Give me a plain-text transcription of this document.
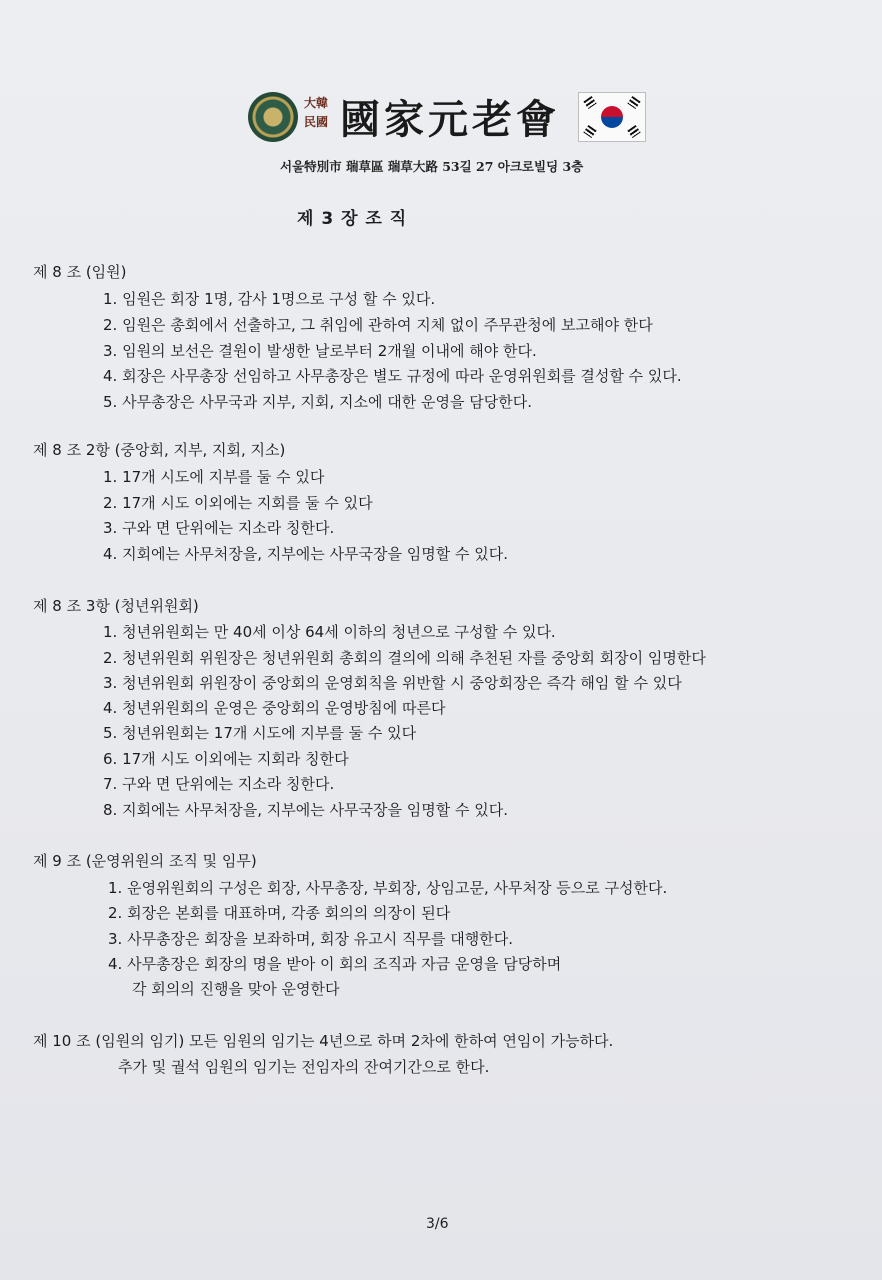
大韓民國 國家元老會
서울特別市 瑞草區 瑞草大路 53길 27 아크로빌딩 3층
제 3 장 조 직
제 8 조 (임원)
1. 임원은 회장 1명, 감사 1명으로 구성 할 수 있다.
2. 임원은 총회에서 선출하고, 그 취임에 관하여 지체 없이 주무관청에 보고해야 한다
3. 임원의 보선은 결원이 발생한 날로부터 2개월 이내에 해야 한다.
4. 회장은 사무총장 선임하고 사무총장은 별도 규정에 따라 운영위원회를 결성할 수 있다.
5. 사무총장은 사무국과 지부, 지회, 지소에 대한 운영을 담당한다.
제 8 조 2항 (중앙회, 지부, 지회, 지소)
1. 17개 시도에 지부를 둘 수 있다
2. 17개 시도 이외에는 지회를 둘 수 있다
3. 구와 면 단위에는 지소라 칭한다.
4. 지회에는 사무처장을, 지부에는 사무국장을 임명할 수 있다.
제 8 조 3항 (청년위원회)
1. 청년위원회는 만 40세 이상 64세 이하의 청년으로 구성할 수 있다.
2. 청년위원회 위원장은 청년위원회 총회의 결의에 의해 추천된 자를 중앙회 회장이 임명한다
3. 청년위원회 위원장이 중앙회의 운영회칙을 위반할 시 중앙회장은 즉각 해임 할 수 있다
4. 청년위원회의 운영은 중앙회의 운영방침에 따른다
5. 청년위원회는 17개 시도에 지부를 둘 수 있다
6. 17개 시도 이외에는 지회라 칭한다
7. 구와 면 단위에는 지소라 칭한다.
8. 지회에는 사무처장을, 지부에는 사무국장을 임명할 수 있다.
제 9 조 (운영위원의 조직 및 임무)
1. 운영위원회의 구성은 회장, 사무총장, 부회장, 상임고문, 사무처장 등으로 구성한다.
2. 회장은 본회를 대표하며, 각종 회의의 의장이 된다
3. 사무총장은 회장을 보좌하며, 회장 유고시 직무를 대행한다.
4. 사무총장은 회장의 명을 받아 이 회의 조직과 자금 운영을 담당하며
각 회의의 진행을 맞아 운영한다
제 10 조 (임원의 임기) 모든 임원의 임기는 4년으로 하며 2차에 한하여 연임이 가능하다.
추가 및 궐석 임원의 임기는 전임자의 잔여기간으로 한다.
3/6
